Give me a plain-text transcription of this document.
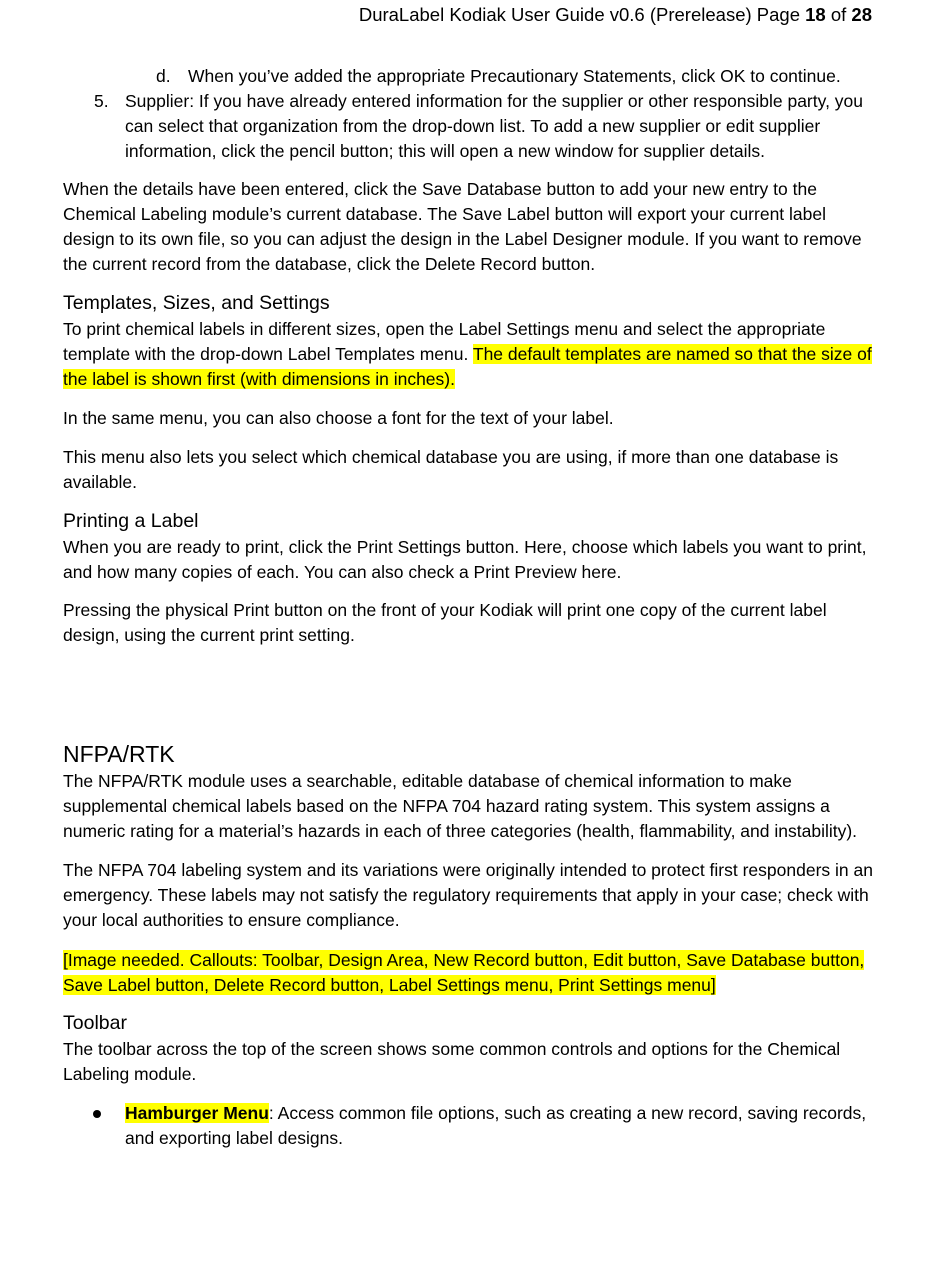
DuraLabel Kodiak User Guide v0.6 (Prerelease) Page 18 of 28
d. When you’ve added the appropriate Precautionary Statements, click OK to continue.
5. Supplier: If you have already entered information for the supplier or other responsible party, you can select that organization from the drop-down list. To add a new supplier or edit supplier information, click the pencil button; this will open a new window for supplier details.

When the details have been entered, click the Save Database button to add your new entry to the Chemical Labeling module’s current database. The Save Label button will export your current label design to its own file, so you can adjust the design in the Label Designer module. If you want to remove the current record from the database, click the Delete Record button.

Templates, Sizes, and Settings

To print chemical labels in different sizes, open the Label Settings menu and select the appropriate template with the drop-down Label Templates menu. The default templates are named so that the size of the label is shown first (with dimensions in inches).

In the same menu, you can also choose a font for the text of your label.

This menu also lets you select which chemical database you are using, if more than one database is available.

Printing a Label

When you are ready to print, click the Print Settings button. Here, choose which labels you want to print, and how many copies of each. You can also check a Print Preview here.

Pressing the physical Print button on the front of your Kodiak will print one copy of the current label design, using the current print setting.

NFPA/RTK

The NFPA/RTK module uses a searchable, editable database of chemical information to make supplemental chemical labels based on the NFPA 704 hazard rating system. This system assigns a numeric rating for a material’s hazards in each of three categories (health, flammability, and instability).

The NFPA 704 labeling system and its variations were originally intended to protect first responders in an emergency. These labels may not satisfy the regulatory requirements that apply in your case; check with your local authorities to ensure compliance.

[Image needed. Callouts: Toolbar, Design Area, New Record button, Edit button, Save Database button, Save Label button, Delete Record button, Label Settings menu, Print Settings menu]

Toolbar

The toolbar across the top of the screen shows some common controls and options for the Chemical Labeling module.

Hamburger Menu: Access common file options, such as creating a new record, saving records, and exporting label designs.
